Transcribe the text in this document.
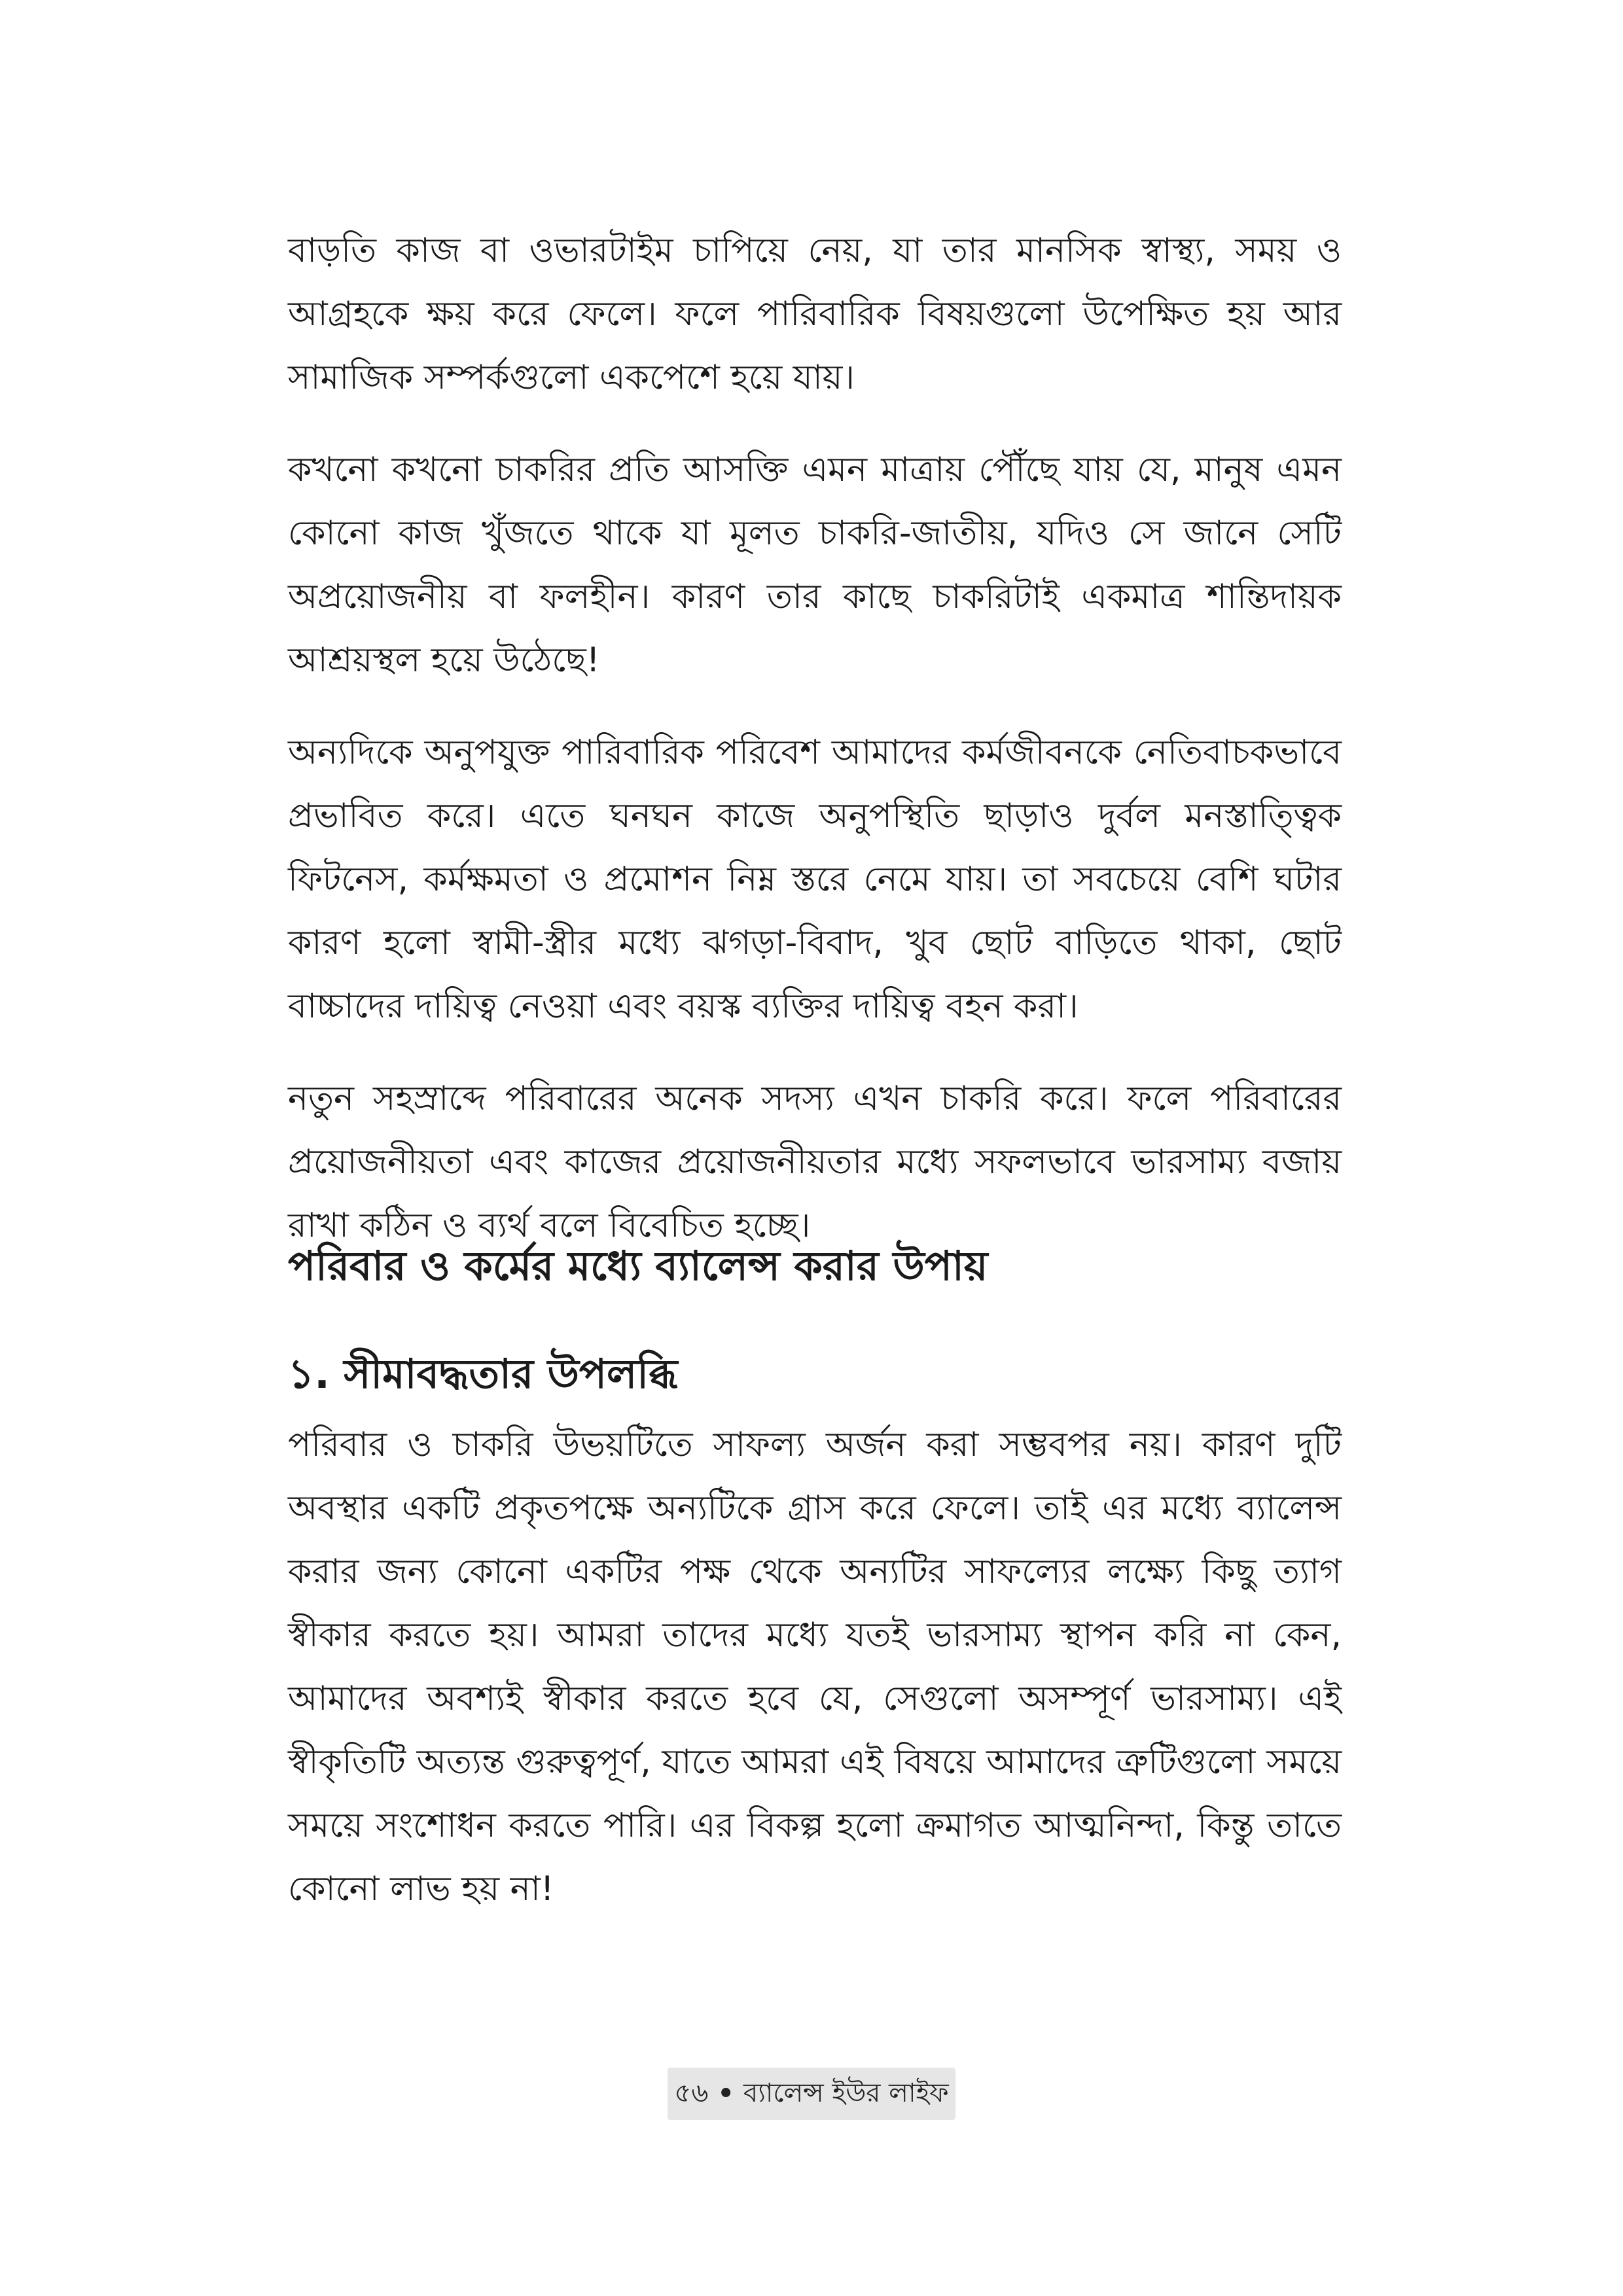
বাড়তি কাজ বা ওভারটাইম চাপিয়ে নেয়, যা তার মানসিক স্বাস্থ্য, সময় ও আগ্রহকে ক্ষয় করে ফেলে। ফলে পারিবারিক বিষয়গুলো উপেক্ষিত হয় আর সামাজিক সম্পর্কগুলো একপেশে হয়ে যায়।

কখনো কখনো চাকরির প্রতি আসক্তি এমন মাত্রায় পৌঁছে যায় যে, মানুষ এমন কোনো কাজ খুঁজতে থাকে যা মূলত চাকরি-জাতীয়, যদিও সে জানে সেটি অপ্রয়োজনীয় বা ফলহীন। কারণ তার কাছে চাকরিটাই একমাত্র শান্তিদায়ক আশ্রয়স্থল হয়ে উঠেছে!

অন্যদিকে অনুপযুক্ত পারিবারিক পরিবেশ আমাদের কর্মজীবনকে নেতিবাচকভাবে প্রভাবিত করে। এতে ঘনঘন কাজে অনুপস্থিতি ছাড়াও দুর্বল মনস্তাত্ত্বিক ফিটনেস, কর্মক্ষমতা ও প্রমোশন নিম্ন স্তরে নেমে যায়। তা সবচেয়ে বেশি ঘটার কারণ হলো স্বামী-স্ত্রীর মধ্যে ঝগড়া-বিবাদ, খুব ছোট বাড়িতে থাকা, ছোট বাচ্চাদের দায়িত্ব নেওয়া এবং বয়স্ক ব্যক্তির দায়িত্ব বহন করা।

নতুন সহস্রাব্দে পরিবারের অনেক সদস্য এখন চাকরি করে। ফলে পরিবারের প্রয়োজনীয়তা এবং কাজের প্রয়োজনীয়তার মধ্যে সফলভাবে ভারসাম্য বজায় রাখা কঠিন ও ব্যর্থ বলে বিবেচিত হচ্ছে।

পরিবার ও কর্মের মধ্যে ব্যালেন্স করার উপায়
১. সীমাবদ্ধতার উপলব্ধি

পরিবার ও চাকরি উভয়টিতে সাফল্য অর্জন করা সম্ভবপর নয়। কারণ দুটি অবস্থার একটি প্রকৃতপক্ষে অন্যটিকে গ্রাস করে ফেলে। তাই এর মধ্যে ব্যালেন্স করার জন্য কোনো একটির পক্ষ থেকে অন্যটির সাফল্যের লক্ষ্যে কিছু ত্যাগ স্বীকার করতে হয়। আমরা তাদের মধ্যে যতই ভারসাম্য স্থাপন করি না কেন, আমাদের অবশ্যই স্বীকার করতে হবে যে, সেগুলো অসম্পূর্ণ ভারসাম্য। এই স্বীকৃতিটি অত্যন্ত গুরুত্বপূর্ণ, যাতে আমরা এই বিষয়ে আমাদের ত্রুটিগুলো সময়ে সময়ে সংশোধন করতে পারি। এর বিকল্প হলো ক্রমাগত আত্মনিন্দা, কিন্তু তাতে কোনো লাভ হয় না!

৫৬ • ব্যালেন্স ইউর লাইফ
